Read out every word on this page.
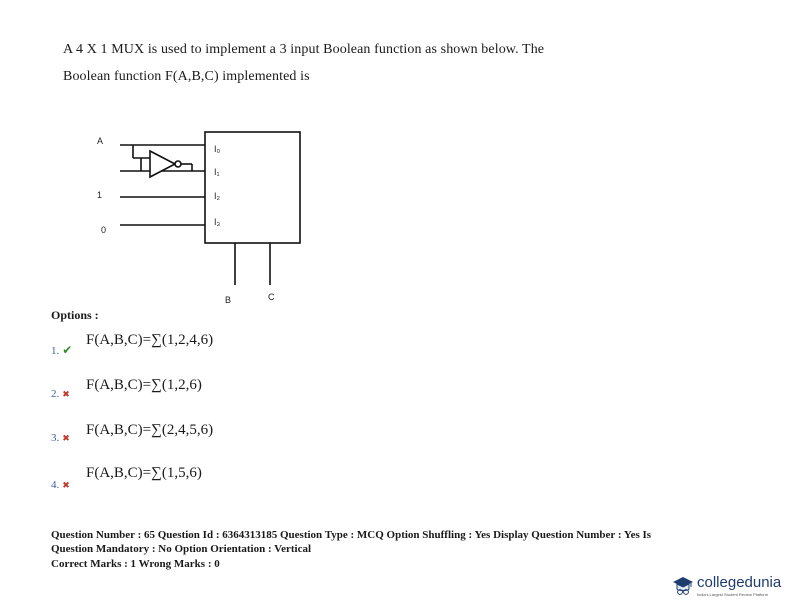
A 4 X 1 MUX is used to implement a 3 input Boolean function as shown below. The
Boolean function F(A,B,C) implemented is
A
1
0
I₀
I₁
I₂
I₃
B	C
Options :
1. ✔
F(A,B,C)=∑(1,2,4,6)
2. ✖
F(A,B,C)=∑(1,2,6)
3. ✖ F(A,B,C)=∑(2,4,5,6)
4. ✖
F(A,B,C)=∑(1,5,6)
Question Number : 65 Question Id : 6364313185 Question Type : MCQ Option Shuffling : Yes Display Question Number : Yes Is
Question Mandatory : No Option Orientation : Vertical
Correct Marks : 1 Wrong Marks : 0
collegedunia
India's Largest Student Review Platform
